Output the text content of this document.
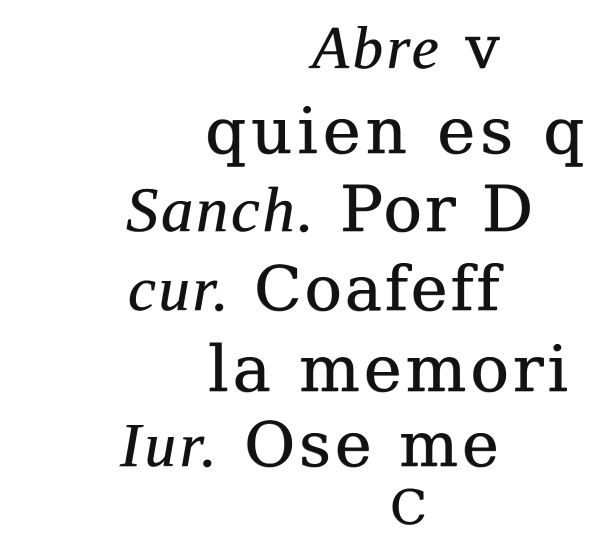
Abre v
quien es q
Sanch. Por D
cur. Coafeff
la memori
Iur. Ose me
C
